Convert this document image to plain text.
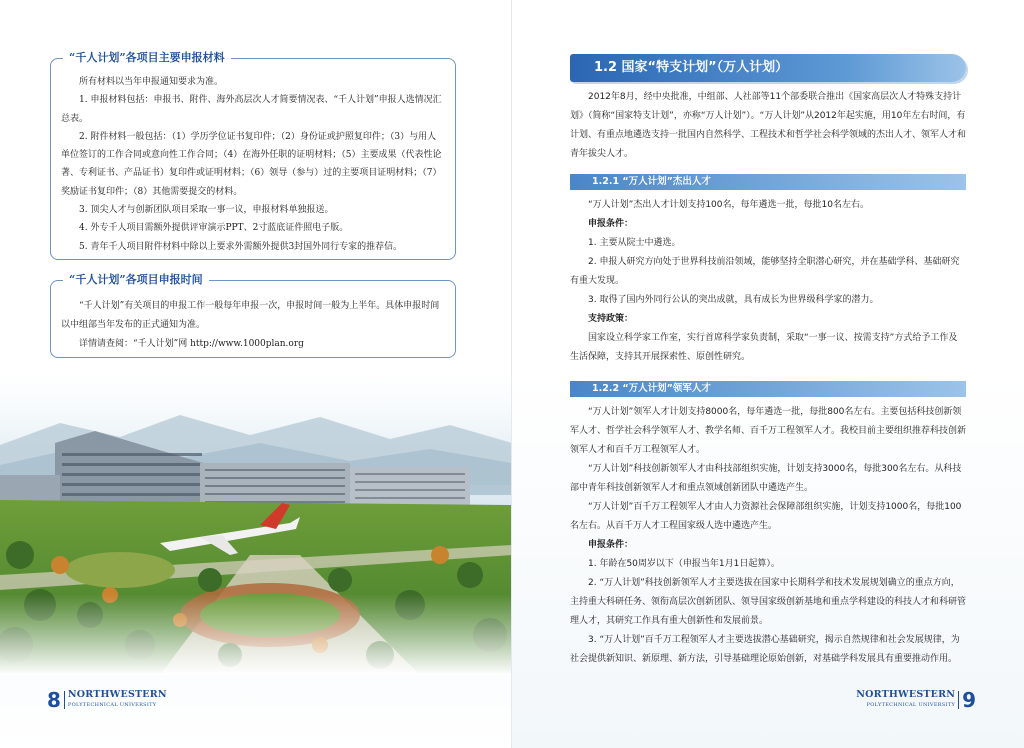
“千人计划”各项目主要申报材料

所有材料以当年申报通知要求为准。

1. 申报材料包括：申报书、附件、海外高层次人才简要情况表、“千人计划”申报人选情况汇总表。

2. 附件材料一般包括：（1）学历学位证书复印件；（2）身份证或护照复印件；（3）与用人单位签订的工作合同或意向性工作合同；（4）在海外任职的证明材料；（5）主要成果（代表性论著、专利证书、产品证书）复印件或证明材料；（6）领导（参与）过的主要项目证明材料；（7）奖励证书复印件；（8）其他需要提交的材料。

3. 顶尖人才与创新团队项目采取一事一议，申报材料单独报送。

4. 外专千人项目需额外提供评审演示PPT、2寸蓝底证件照电子版。

5. 青年千人项目附件材料中除以上要求外需额外提供3封国外同行专家的推荐信。

“千人计划”各项目申报时间

“千人计划”有关项目的申报工作一般每年申报一次，申报时间一般为上半年。具体申报时间以中组部当年发布的正式通知为准。

详情请查阅：“千人计划”网 http://www.1000plan.org

8 NORTHWESTERN
POLYTECHNICAL UNIVERSITY
1.2 国家“特支计划”（万人计划）

2012年8月，经中央批准，中组部、人社部等11个部委联合推出《国家高层次人才特殊支持计划》（简称“国家特支计划”，亦称“万人计划”）。“万人计划”从2012年起实施，用10年左右时间，有计划、有重点地遴选支持一批国内自然科学、工程技术和哲学社会科学领域的杰出人才、领军人才和青年拔尖人才。

1.2.1 “万人计划”杰出人才

“万人计划”杰出人才计划支持100名，每年遴选一批，每批10名左右。

申报条件：

1. 主要从院士中遴选。

2. 申报人研究方向处于世界科技前沿领域，能够坚持全职潜心研究，并在基础学科、基础研究有重大发现。

3. 取得了国内外同行公认的突出成就，具有成长为世界级科学家的潜力。

支持政策：

国家设立科学家工作室，实行首席科学家负责制，采取“一事一议、按需支持”方式给予工作及生活保障，支持其开展探索性、原创性研究。

1.2.2 “万人计划”领军人才

“万人计划”领军人才计划支持8000名，每年遴选一批，每批800名左右。主要包括科技创新领军人才、哲学社会科学领军人才、教学名师、百千万工程领军人才。我校目前主要组织推荐科技创新领军人才和百千万工程领军人才。

“万人计划”科技创新领军人才由科技部组织实施，计划支持3000名，每批300名左右。从科技部中青年科技创新领军人才和重点领域创新团队中遴选产生。

“万人计划”百千万工程领军人才由人力资源社会保障部组织实施，计划支持1000名，每批100名左右。从百千万人才工程国家级人选中遴选产生。

申报条件：

1. 年龄在50周岁以下（申报当年1月1日起算）。

2. “万人计划”科技创新领军人才主要选拔在国家中长期科学和技术发展规划确立的重点方向，主持重大科研任务、领衔高层次创新团队、领导国家级创新基地和重点学科建设的科技人才和科研管理人才，其研究工作具有重大创新性和发展前景。

3. “万人计划”百千万工程领军人才主要选拔潜心基础研究，揭示自然规律和社会发展规律，为社会提供新知识、新原理、新方法，引导基础理论原始创新，对基础学科发展具有重要推动作用。

NORTHWESTERN
POLYTECHNICAL UNIVERSITY 9
